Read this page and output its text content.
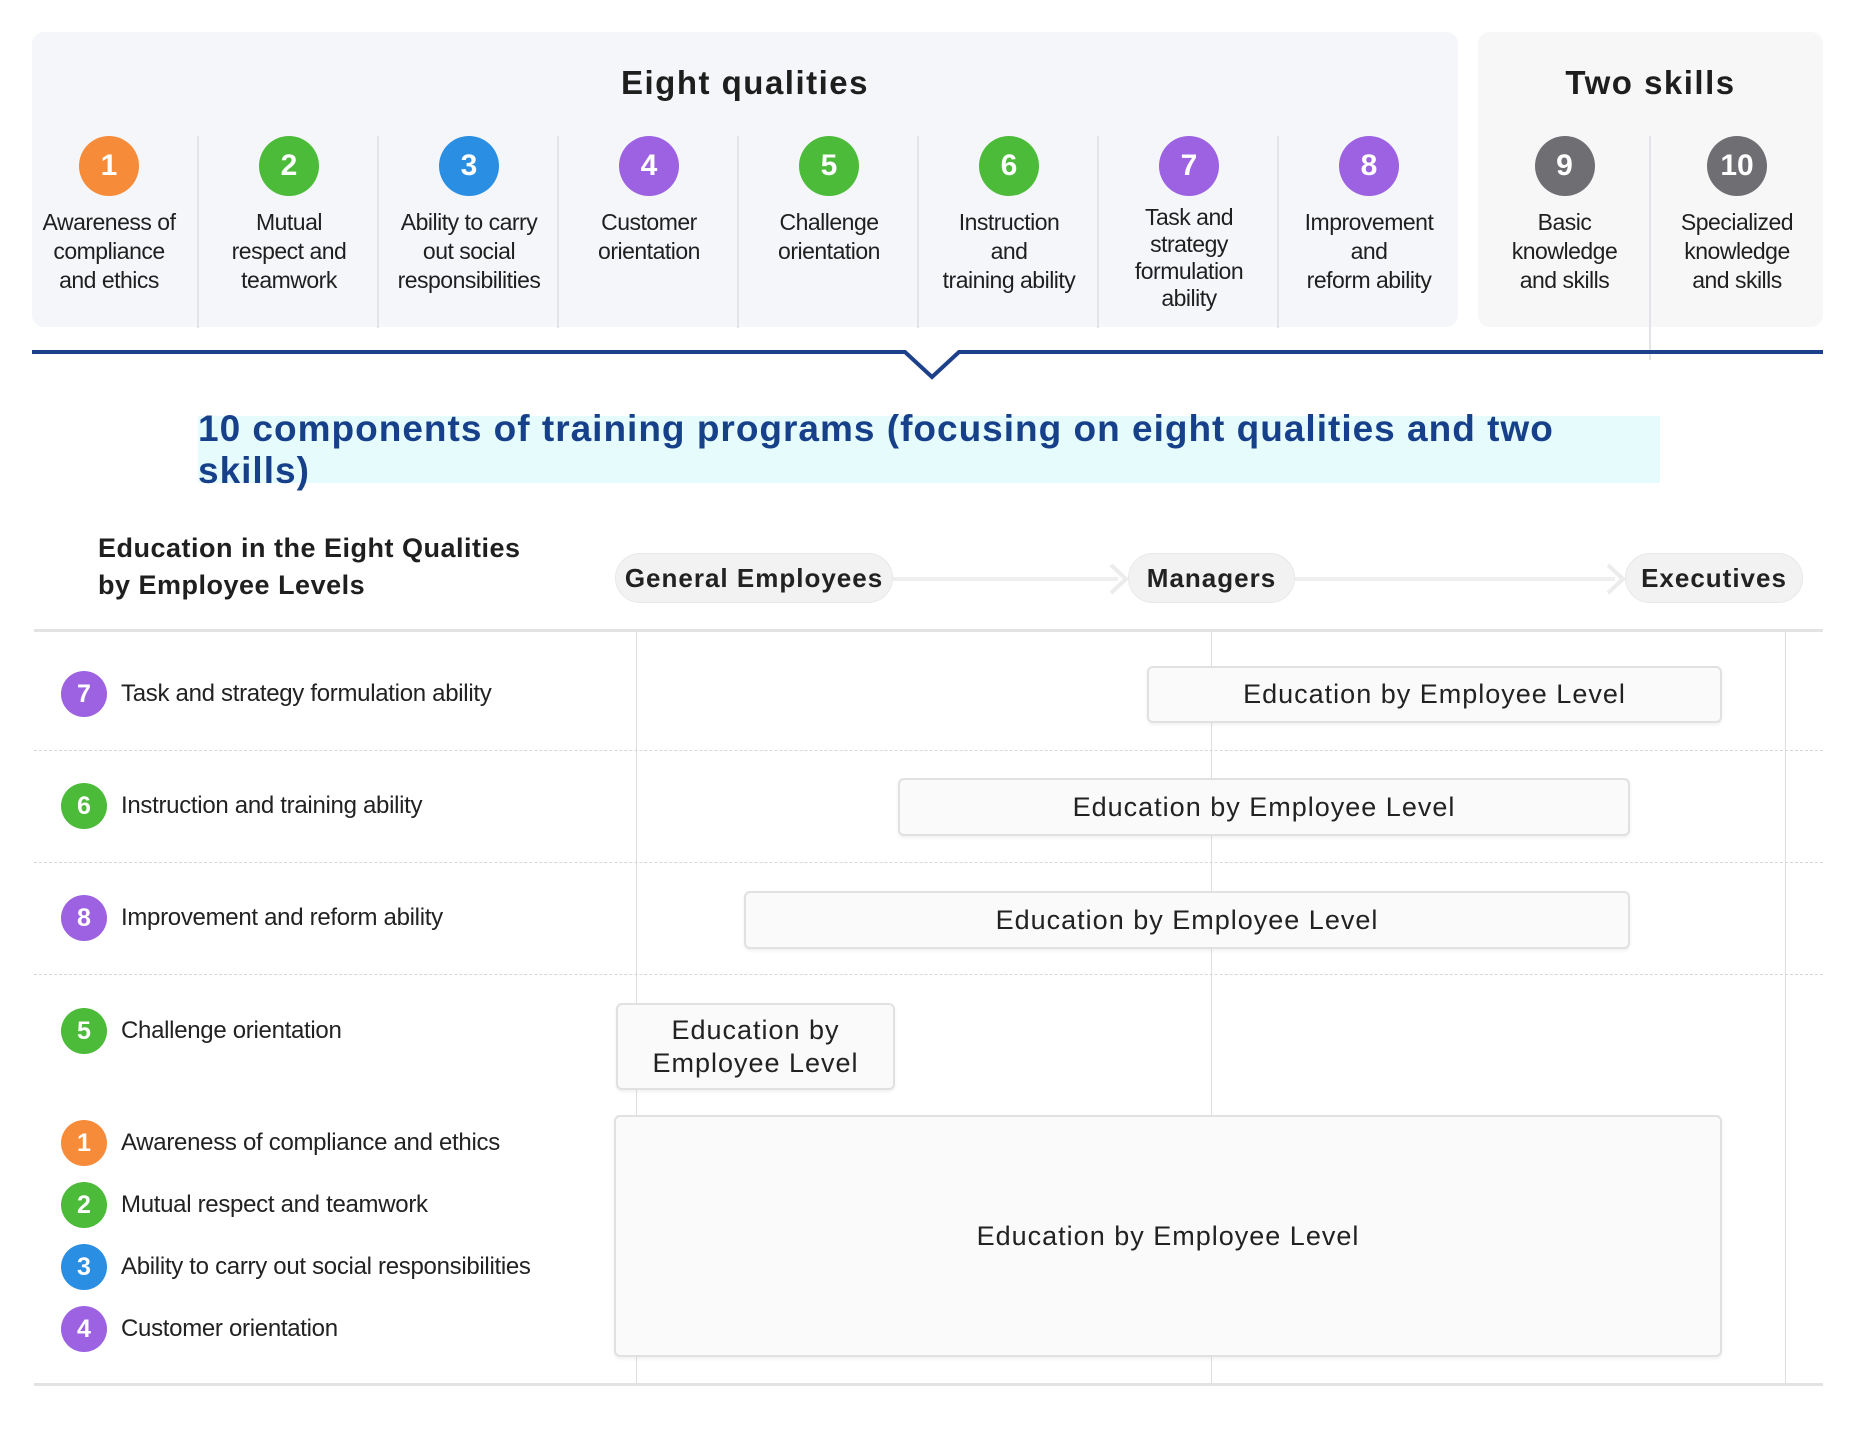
Eight qualities
1
Awareness of
compliance
and ethics
2
Mutual
respect and
teamwork
3
Ability to carry
out social
responsibilities
4
Customer
orientation
5
Challenge
orientation
6
Instruction
and
training ability
7
Task and
strategy
formulation
ability
8
Improvement
and
reform ability
Two skills
9
Basic
knowledge
and skills
10
Specialized
knowledge
and skills
10 components of training programs (focusing on eight qualities and two skills)
Education in the Eight Qualities
by Employee Levels	General Employees	Managers	Executives
7	Task and strategy formulation ability
6	Instruction and training ability
8	Improvement and reform ability
5	Challenge orientation
1	Awareness of compliance and ethics
2	Mutual respect and teamwork
3	Ability to carry out social responsibilities
4	Customer orientation
Education by Employee Level
Education by Employee Level
Education by Employee Level
Education by
Employee Level
Education by Employee Level
